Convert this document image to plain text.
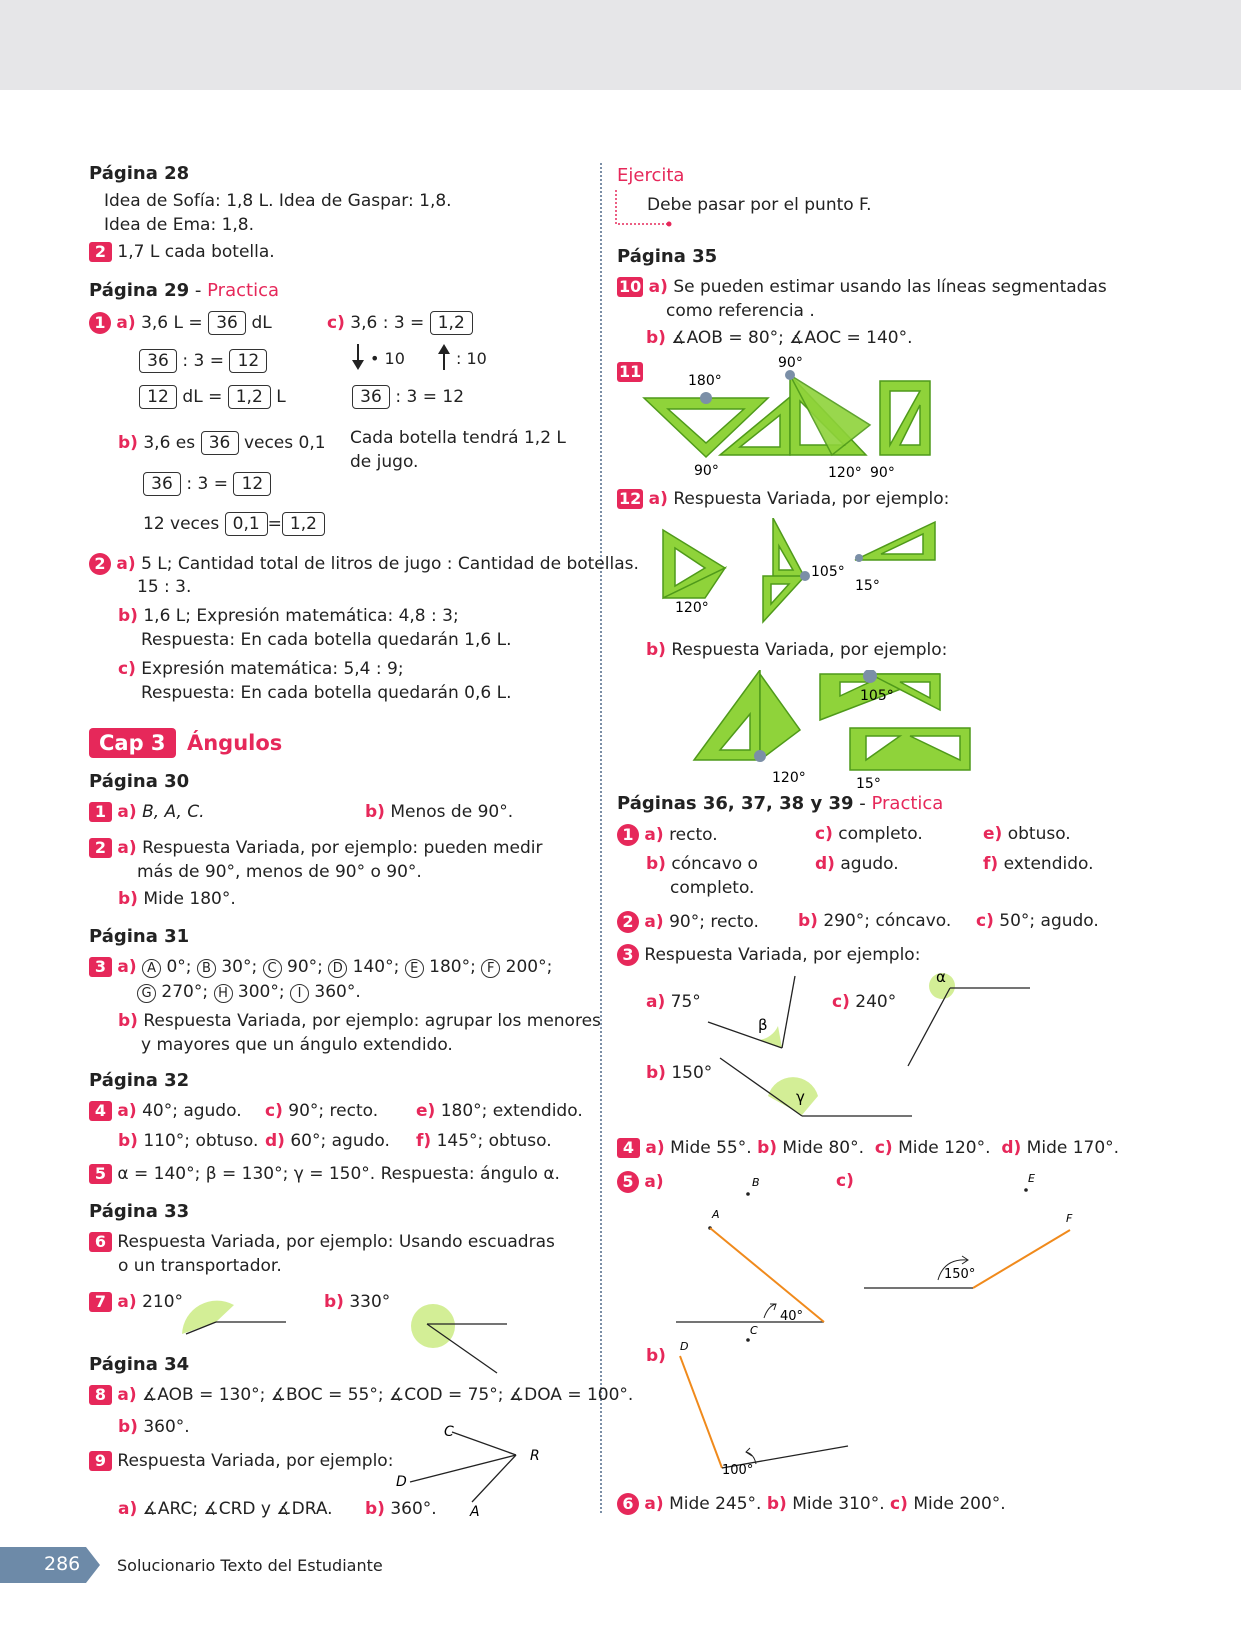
Página 28
Idea de Sofía: 1,8 L. Idea de Gaspar: 1,8.
Idea de Ema: 1,8.
2 1,7 L cada botella.
Página 29 - Practica
1 a) 3,6 L = 36 dL
36 : 3 = 12
12 dL = 1,2 L
c) 3,6 : 3 = 1,2
• 10	: 10
36 : 3 = 12
Cada botella tendrá 1,2 L
de jugo.
b) 3,6 es 36 veces 0,1
36 : 3 = 12
12 veces 0,1 = 1,2
2 a) 5 L; Cantidad total de litros de jugo : Cantidad de botellas.
15 : 3.
b) 1,6 L; Expresión matemática: 4,8 : 3;
Respuesta: En cada botella quedarán 1,6 L.
c) Expresión matemática: 5,4 : 9;
Respuesta: En cada botella quedarán 0,6 L.
Cap 3 Ángulos
Página 30
1 a) B, A, C.	b) Menos de 90°.
2 a) Respuesta Variada, por ejemplo: pueden medir
más de 90°, menos de 90° o 90°.
b) Mide 180°.
Página 31
3 a) A 0°; B 30°; C 90°; D 140°; E 180°; F 200°;
G 270°; H 300°; I 360°.
b) Respuesta Variada, por ejemplo: agrupar los menores
y mayores que un ángulo extendido.
Página 32
4 a) 40°; agudo. c) 90°; recto. e) 180°; extendido.
b) 110°; obtuso. d) 60°; agudo. f) 145°; obtuso.
5 α = 140°; β = 130°; γ = 150°. Respuesta: ángulo α.
Página 33
6 Respuesta Variada, por ejemplo: Usando escuadras
o un transportador.
7 a) 210°	b) 330°
Página 34
8 a) ∡AOB = 130°; ∡BOC = 55°; ∡COD = 75°; ∡DOA = 100°.
b) 360°.
9 Respuesta Variada, por ejemplo:
a) ∡ARC; ∡CRD y ∡DRA. b) 360°.
C
R
D
A
Ejercita
Debe pasar por el punto F.
Página 35
10 a) Se pueden estimar usando las líneas segmentadas
como referencia .
b) ∡AOB = 80°; ∡AOC = 140°.
11	180°
90°
90°	120° 90°
12 a) Respuesta Variada, por ejemplo:
120°
105°
15°
b) Respuesta Variada, por ejemplo:
105°
120°	15°
Páginas 36, 37, 38 y 39 - Practica
1 a) recto.	c) completo.	e) obtuso.
b) cóncavo o
completo.
d) agudo.	f) extendido.
2 a) 90°; recto. b) 290°; cóncavo. c) 50°; agudo.
3 Respuesta Variada, por ejemplo:
a) 75°	c) 240°
b) 150°
β
α
γ
4 a) Mide 55°. b) Mide 80°. c) Mide 120°. d) Mide 170°.
5 a)	c)
b)
B
A
40°
E
F
150°
C
D
100°
6 a) Mide 245°. b) Mide 310°. c) Mide 200°.
286 Solucionario Texto del Estudiante
